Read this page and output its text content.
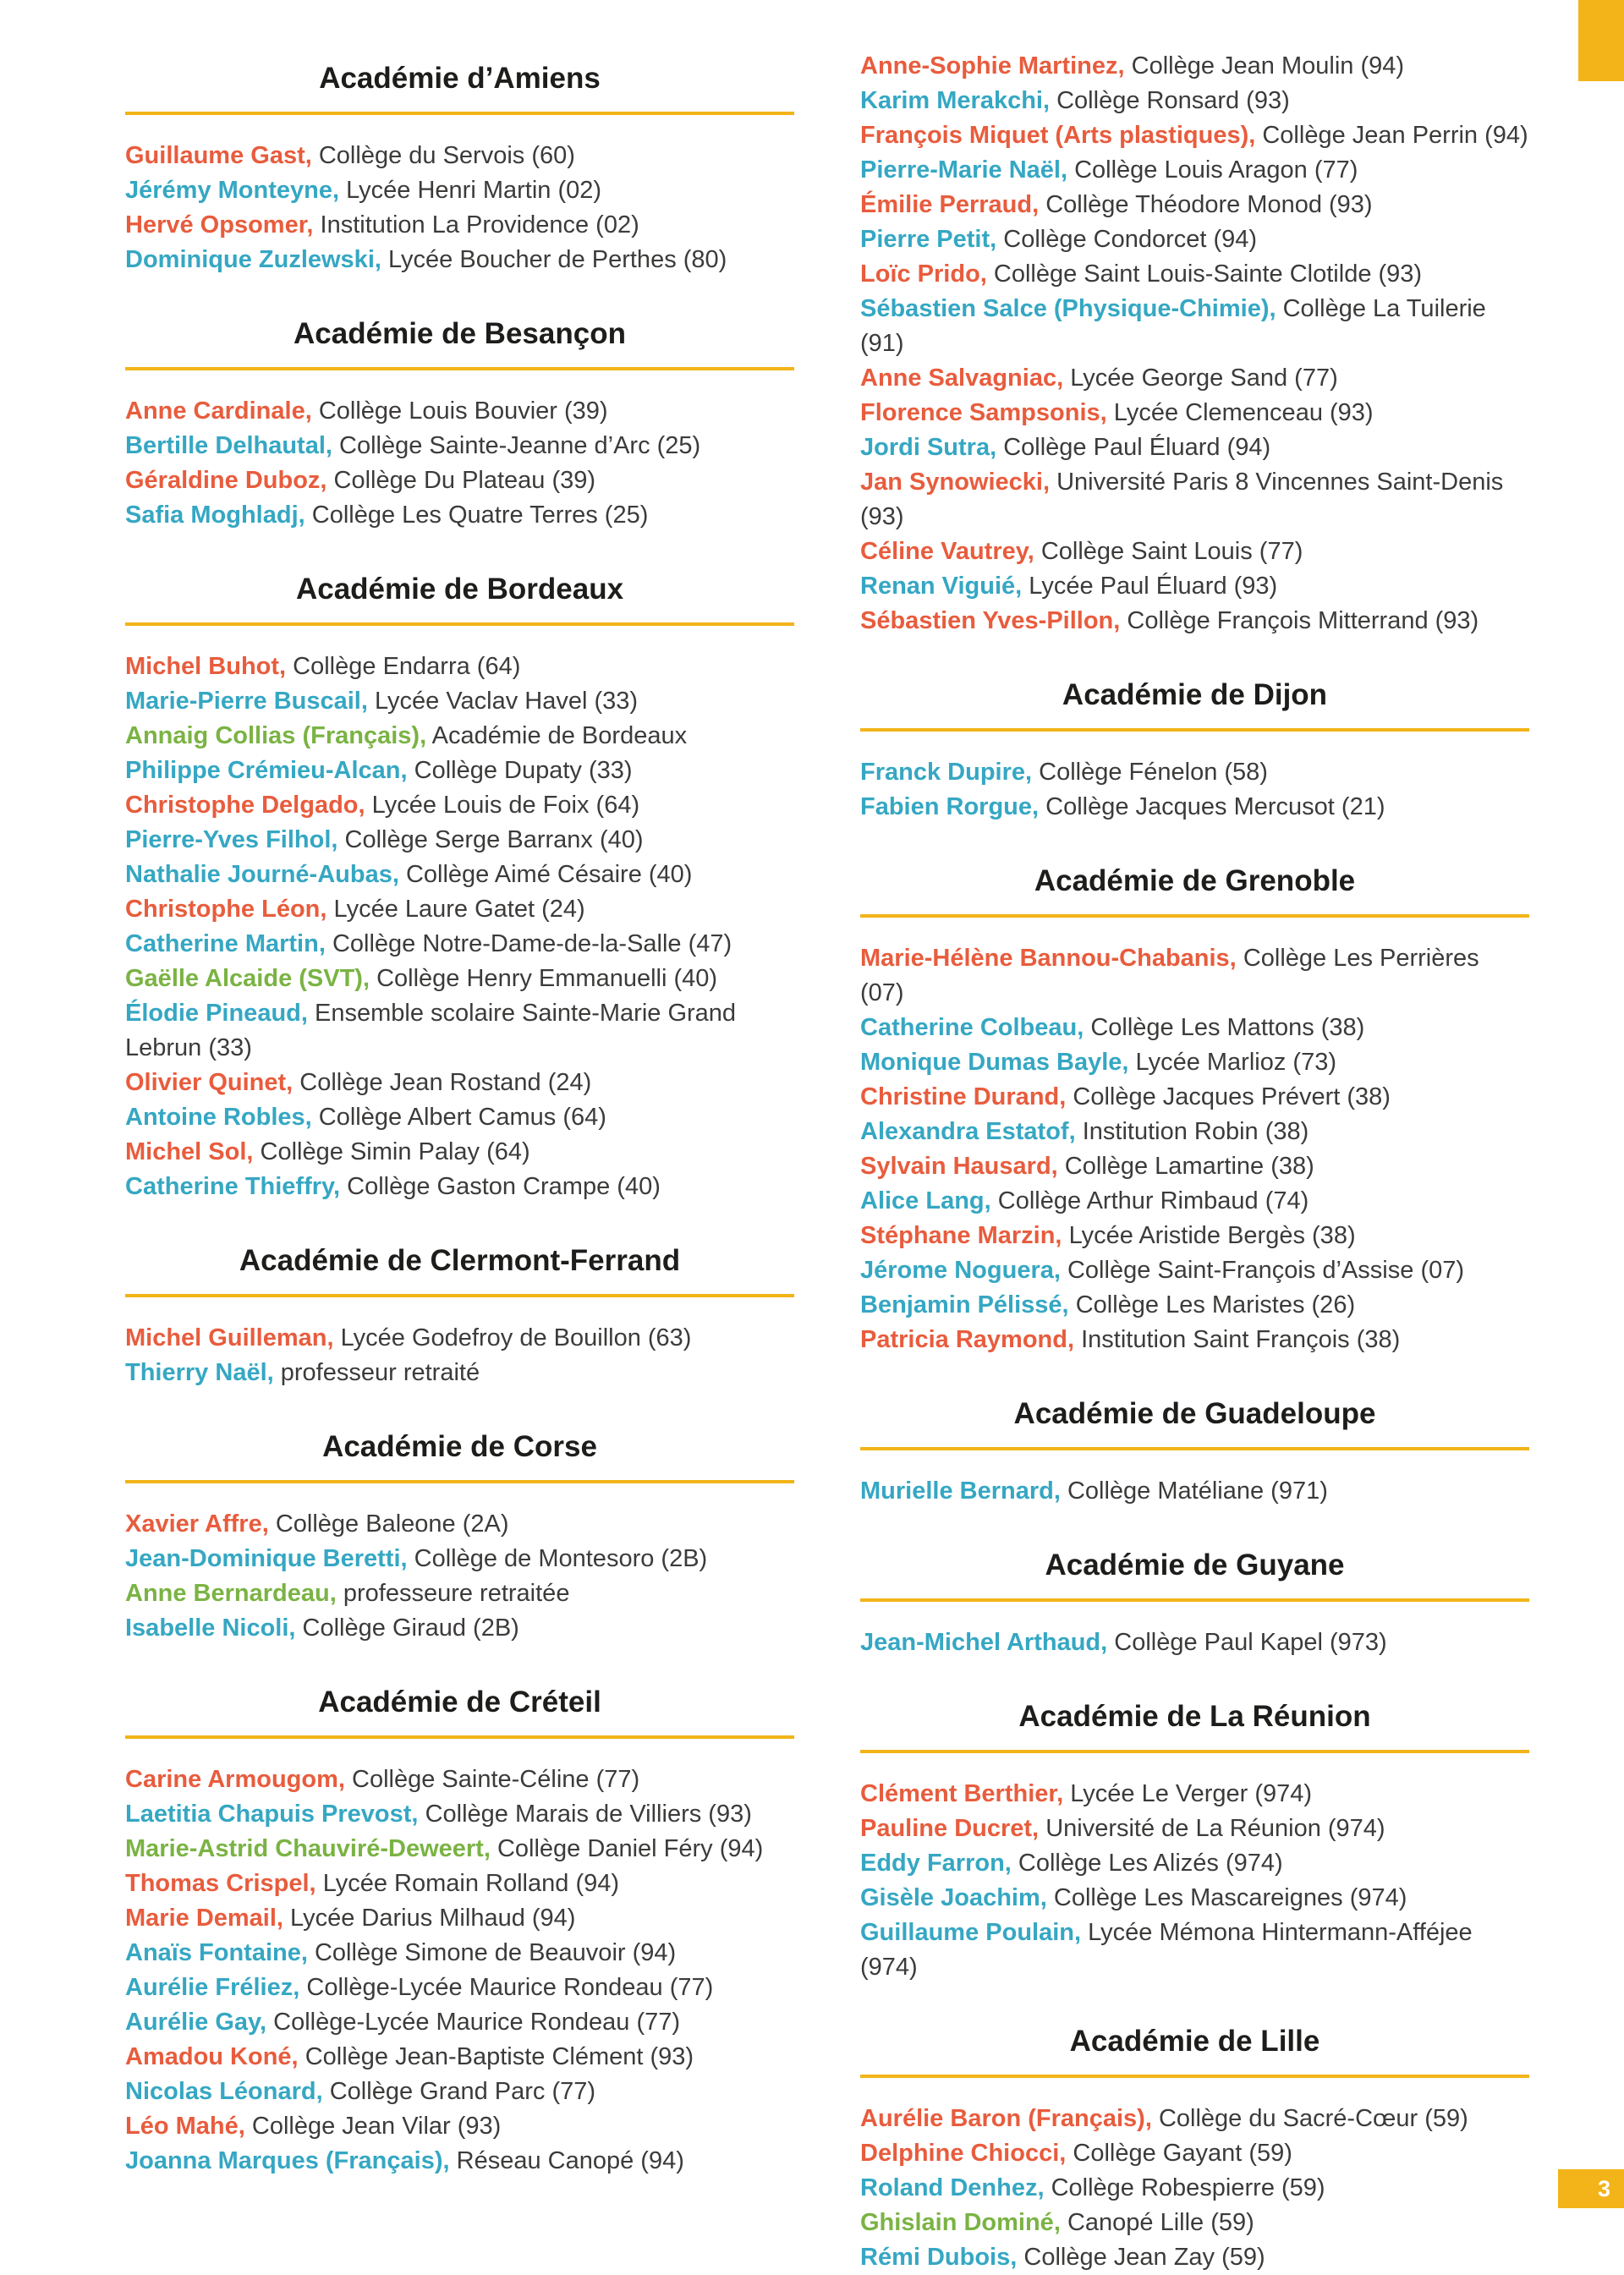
Académie d’Amiens

Guillaume Gast, Collège du Servois (60)

Jérémy Monteyne, Lycée Henri Martin (02)

Hervé Opsomer, Institution La Providence (02)

Dominique Zuzlewski, Lycée Boucher de Perthes (80)

Académie de Besançon

Anne Cardinale, Collège Louis Bouvier (39)

Bertille Delhautal, Collège Sainte-Jeanne d’Arc (25)

Géraldine Duboz, Collège Du Plateau (39)

Safia Moghladj, Collège Les Quatre Terres (25)

Académie de Bordeaux

Michel Buhot, Collège Endarra (64)

Marie-Pierre Buscail, Lycée Vaclav Havel (33)

Annaig Collias (Français), Académie de Bordeaux

Philippe Crémieu-Alcan, Collège Dupaty (33)

Christophe Delgado, Lycée Louis de Foix (64)

Pierre-Yves Filhol, Collège Serge Barranx (40)

Nathalie Journé-Aubas, Collège Aimé Césaire (40)

Christophe Léon, Lycée Laure Gatet (24)

Catherine Martin, Collège Notre-Dame-de-la-Salle (47)

Gaëlle Alcaide (SVT), Collège Henry Emmanuelli (40)

Élodie Pineaud, Ensemble scolaire Sainte-Marie Grand Lebrun (33)

Olivier Quinet, Collège Jean Rostand (24)

Antoine Robles, Collège Albert Camus (64)

Michel Sol, Collège Simin Palay (64)

Catherine Thieffry, Collège Gaston Crampe (40)

Académie de Clermont-Ferrand

Michel Guilleman, Lycée Godefroy de Bouillon (63)

Thierry Naël, professeur retraité

Académie de Corse

Xavier Affre, Collège Baleone (2A)

Jean-Dominique Beretti, Collège de Montesoro (2B)

Anne Bernardeau, professeure retraitée

Isabelle Nicoli, Collège Giraud (2B)

Académie de Créteil

Carine Armougom, Collège Sainte-Céline (77)

Laetitia Chapuis Prevost, Collège Marais de Villiers (93)

Marie-Astrid Chauviré-Deweert, Collège Daniel Féry (94)

Thomas Crispel, Lycée Romain Rolland (94)

Marie Demail, Lycée Darius Milhaud (94)

Anaïs Fontaine, Collège Simone de Beauvoir (94)

Aurélie Fréliez, Collège-Lycée Maurice Rondeau (77)

Aurélie Gay, Collège-Lycée Maurice Rondeau (77)

Amadou Koné, Collège Jean-Baptiste Clément (93)

Nicolas Léonard, Collège Grand Parc (77)

Léo Mahé, Collège Jean Vilar (93)

Joanna Marques (Français), Réseau Canopé (94)

Anne-Sophie Martinez, Collège Jean Moulin (94)

Karim Merakchi, Collège Ronsard (93)

François Miquet (Arts plastiques), Collège Jean Perrin (94)

Pierre-Marie Naël, Collège Louis Aragon (77)

Émilie Perraud, Collège Théodore Monod (93)

Pierre Petit, Collège Condorcet (94)

Loïc Prido, Collège Saint Louis-Sainte Clotilde (93)

Sébastien Salce (Physique-Chimie), Collège La Tuilerie (91)

Anne Salvagniac, Lycée George Sand (77)

Florence Sampsonis, Lycée Clemenceau (93)

Jordi Sutra, Collège Paul Éluard (94)

Jan Synowiecki, Université Paris 8 Vincennes Saint-Denis (93)

Céline Vautrey, Collège Saint Louis (77)

Renan Viguié, Lycée Paul Éluard (93)

Sébastien Yves-Pillon, Collège François Mitterrand (93)

Académie de Dijon

Franck Dupire, Collège Fénelon (58)

Fabien Rorgue, Collège Jacques Mercusot (21)

Académie de Grenoble

Marie-Hélène Bannou-Chabanis, Collège Les Perrières (07)

Catherine Colbeau, Collège Les Mattons (38)

Monique Dumas Bayle, Lycée Marlioz (73)

Christine Durand, Collège Jacques Prévert (38)

Alexandra Estatof, Institution Robin (38)

Sylvain Hausard, Collège Lamartine (38)

Alice Lang, Collège Arthur Rimbaud (74)

Stéphane Marzin, Lycée Aristide Bergès (38)

Jérome Noguera, Collège Saint-François d’Assise (07)

Benjamin Pélissé, Collège Les Maristes (26)

Patricia Raymond, Institution Saint François (38)

Académie de Guadeloupe

Murielle Bernard, Collège Matéliane (971)

Académie de Guyane

Jean-Michel Arthaud, Collège Paul Kapel (973)

Académie de La Réunion

Clément Berthier, Lycée Le Verger (974)

Pauline Ducret, Université de La Réunion (974)

Eddy Farron, Collège Les Alizés (974)

Gisèle Joachim, Collège Les Mascareignes (974)

Guillaume Poulain, Lycée Mémona Hintermann-Afféjee (974)

Académie de Lille

Aurélie Baron (Français), Collège du Sacré-Cœur (59)

Delphine Chiocci, Collège Gayant (59)

Roland Denhez, Collège Robespierre (59)

Ghislain Dominé, Canopé Lille (59)

Rémi Dubois, Collège Jean Zay (59)

3
